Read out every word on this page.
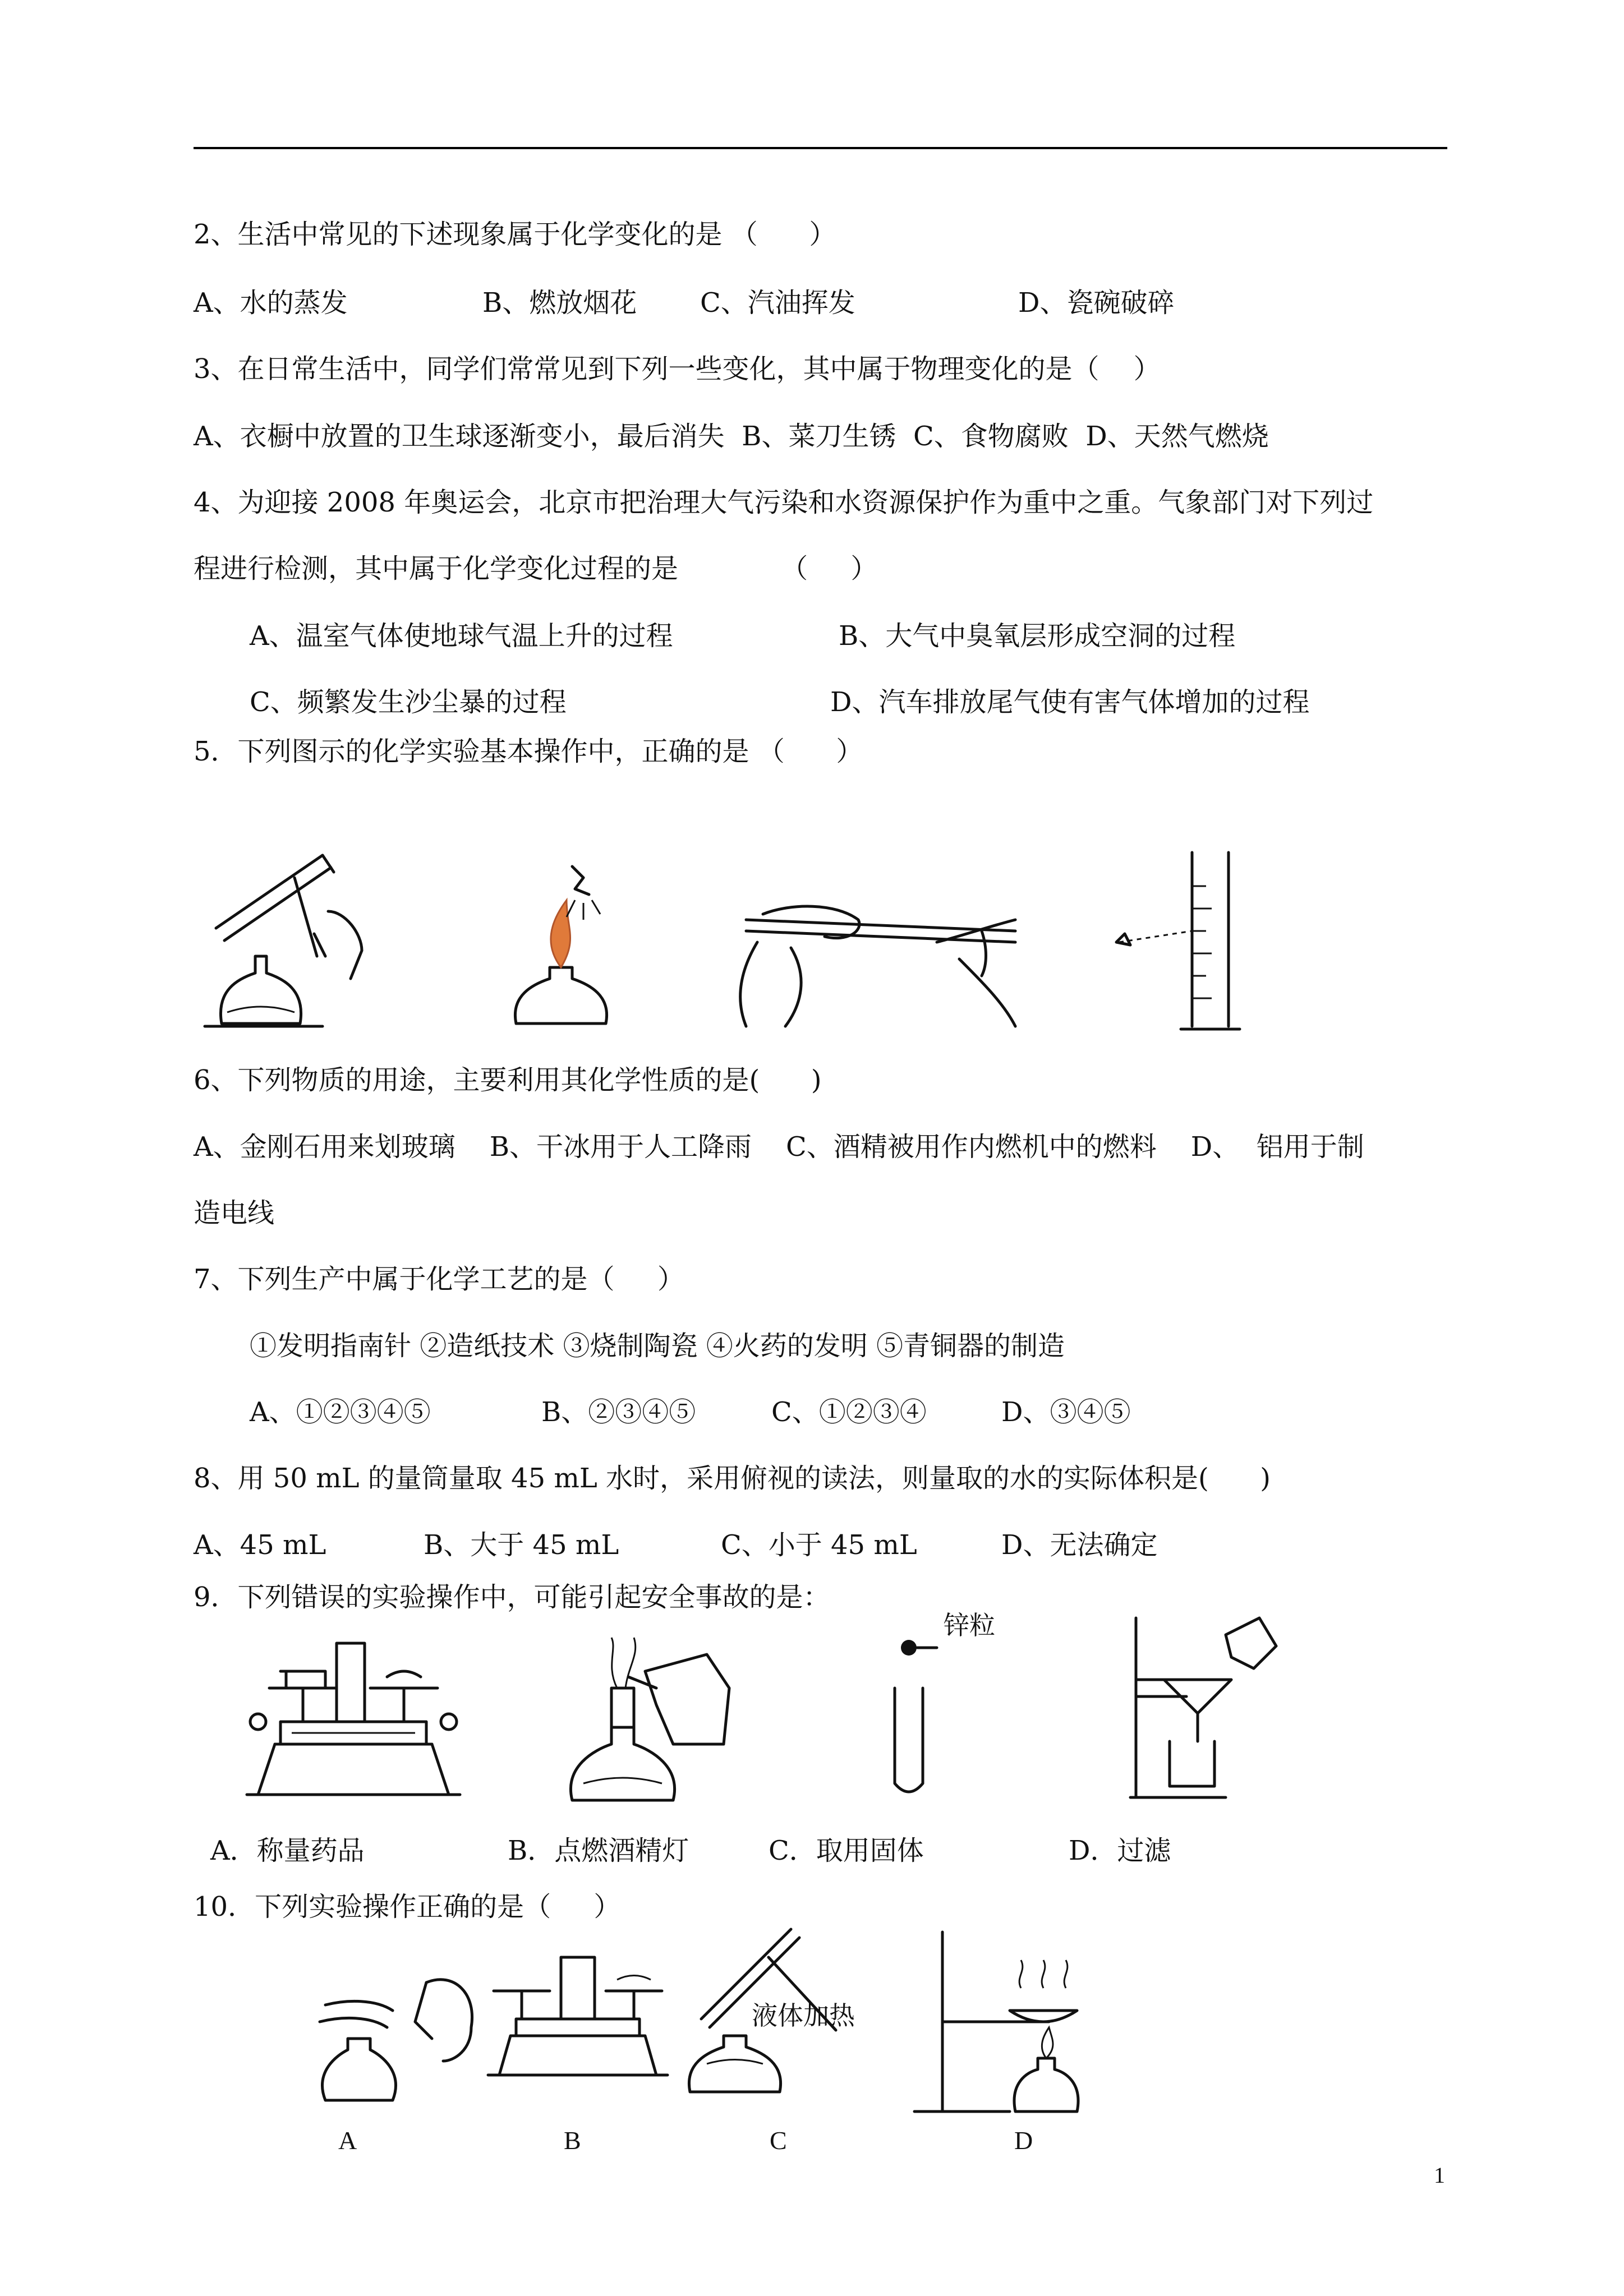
2、生活中常见的下述现象属于化学变化的是 （      ）
A、水的蒸发	B、燃放烟花 C、汽油挥发	D、瓷碗破碎
3、在日常生活中，同学们常常见到下列一些变化，其中属于物理变化的是（    ）
A、衣橱中放置的卫生球逐渐变小，最后消失  B、菜刀生锈  C、食物腐败  D、天然气燃烧
4、为迎接 2008 年奥运会，北京市把治理大气污染和水资源保护作为重中之重。气象部门对下列过
程进行检测，其中属于化学变化过程的是            （     ）
A、温室气体使地球气温上升的过程	B、大气中臭氧层形成空洞的过程
C、频繁发生沙尘暴的过程	D、汽车排放尾气使有害气体增加的过程
5．下列图示的化学实验基本操作中，正确的是 （      ）
6、下列物质的用途，主要利用其化学性质的是(      )
A、金刚石用来划玻璃    B、干冰用于人工降雨    C、酒精被用作内燃机中的燃料    D、  铝用于制
造电线
7、下列生产中属于化学工艺的是（     ）
①发明指南针 ②造纸技术 ③烧制陶瓷 ④火药的发明 ⑤青铜器的制造
A、①②③④⑤	B、②③④⑤	C、①②③④	D、③④⑤
8、用 50 mL 的量筒量取 45 mL 水时，采用俯视的读法，则量取的水的实际体积是(      )
A、45 mL	B、大于 45 mL	C、小于 45 mL	D、无法确定
9．下列错误的实验操作中，可能引起安全事故的是：
锌粒
A．称量药品	B．点燃酒精灯	C．取用固体	D．过滤
10．下列实验操作正确的是（     ）
液体加热
A	B	C	D
1
